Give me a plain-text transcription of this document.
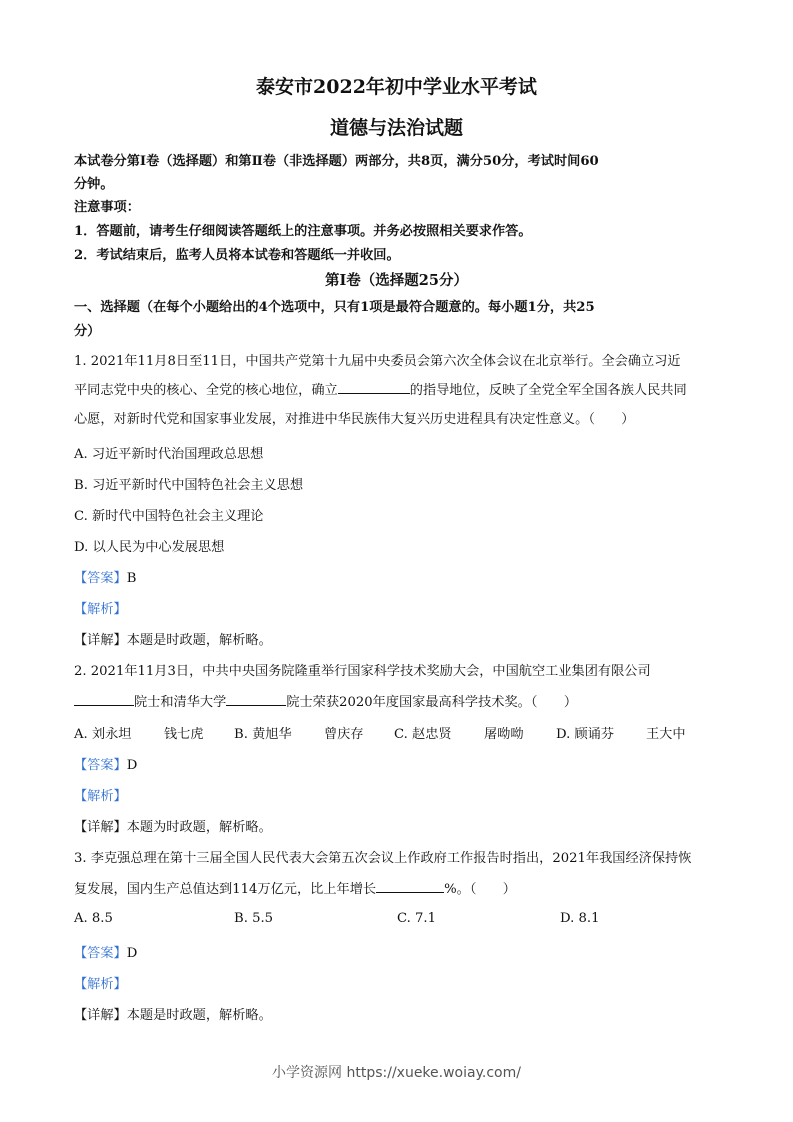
泰安市2022年初中学业水平考试
道德与法治试题
本试卷分第Ⅰ卷（选择题）和第Ⅱ卷（非选择题）两部分，共8页，满分50分，考试时间60
分钟。
注意事项：
1．答题前，请考生仔细阅读答题纸上的注意事项。并务必按照相关要求作答。
2．考试结束后，监考人员将本试卷和答题纸一并收回。
第Ⅰ卷（选择题25分）
一、选择题（在每个小题给出的4个选项中，只有1项是最符合题意的。每小题1分，共25
分）
1. 2021年11月8日至11日，中国共产党第十九届中央委员会第六次全体会议在北京举行。全会确立习近
平同志党中央的核心、全党的核心地位，确立	的指导地位，反映了全党全军全国各族人民共同
心愿，对新时代党和国家事业发展，对推进中华民族伟大复兴历史进程具有决定性意义。（　　）
A. 习近平新时代治国理政总思想
B. 习近平新时代中国特色社会主义思想
C. 新时代中国特色社会主义理论
D. 以人民为中心发展思想
【答案】B
【解析】
【详解】本题是时政题，解析略。
2. 2021年11月3日，中共中央国务院隆重举行国家科学技术奖励大会，中国航空工业集团有限公司
院士和清华大学	院士荣获2020年度国家最高科学技术奖。（　　）
A. 刘永坦 钱七虎 B. 黄旭华 曾庆存 C. 赵忠贤 屠呦呦 D. 顾诵芬 王大中
【答案】D
【解析】
【详解】本题为时政题，解析略。
3. 李克强总理在第十三届全国人民代表大会第五次会议上作政府工作报告时指出，2021年我国经济保持恢
复发展，国内生产总值达到114万亿元，比上年增长	%。（　　）
A. 8.5	B. 5.5	C. 7.1	D. 8.1
【答案】D
【解析】
【详解】本题是时政题，解析略。
小学资源网 https://xueke.woiay.com/
